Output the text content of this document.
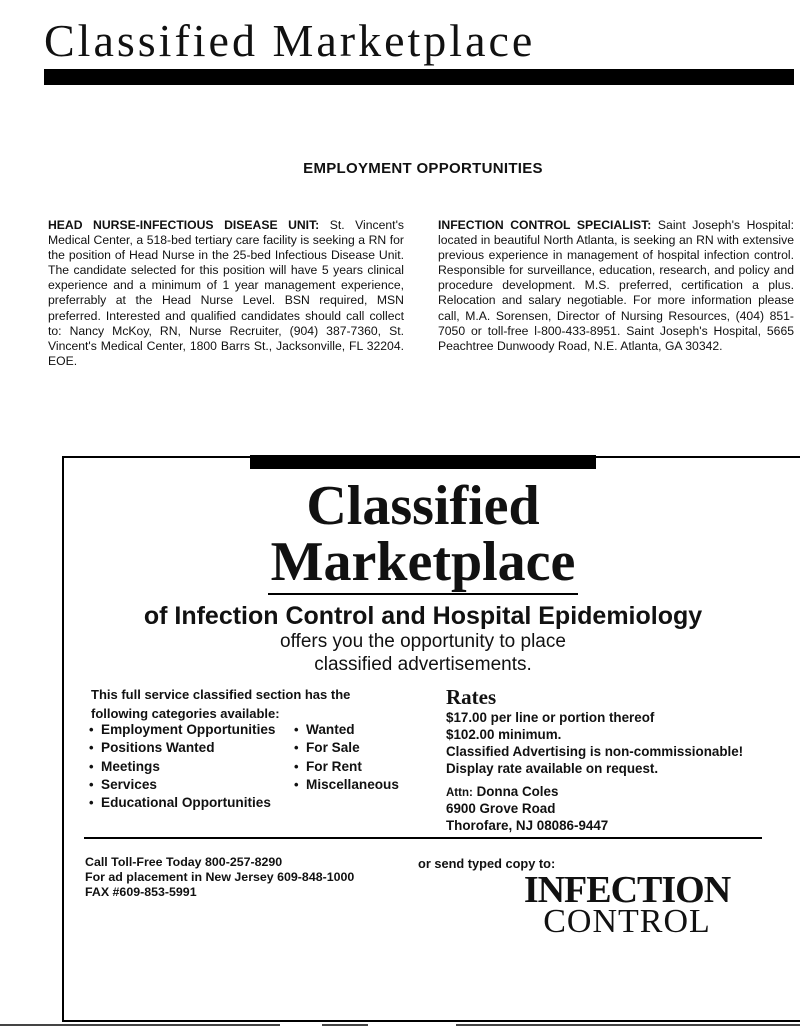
Classified Marketplace
EMPLOYMENT OPPORTUNITIES
HEAD NURSE-INFECTIOUS DISEASE UNIT: St. Vincent's Medical Center, a 518-bed tertiary care facility is seeking a RN for the position of Head Nurse in the 25-bed Infectious Disease Unit. The candidate selected for this position will have 5 years clinical experience and a minimum of 1 year management experience, preferrably at the Head Nurse Level. BSN required, MSN preferred. Interested and qualified candidates should call collect to: Nancy McKoy, RN, Nurse Recruiter, (904) 387-7360, St. Vincent's Medical Center, 1800 Barrs St., Jacksonville, FL 32204. EOE.
INFECTION CONTROL SPECIALIST: Saint Joseph's Hospital: located in beautiful North Atlanta, is seeking an RN with extensive previous experience in management of hospital infection control. Responsible for surveillance, education, research, and policy and procedure development. M.S. preferred, certification a plus. Relocation and salary negotiable. For more information please call, M.A. Sorensen, Director of Nursing Resources, (404) 851-7050 or toll-free l-800-433-8951. Saint Joseph's Hospital, 5665 Peachtree Dunwoody Road, N.E. Atlanta, GA 30342.
Classified
Marketplace
of Infection Control and Hospital Epidemiology
offers you the opportunity to place
classified advertisements.
This full service classified section has the following categories available:
• Employment Opportunities
• Positions Wanted
• Meetings
• Services
• Educational Opportunities
• Wanted
• For Sale
• For Rent
• Miscellaneous
Rates
$17.00 per line or portion thereof
$102.00 minimum.
Classified Advertising is non-commissionable!
Display rate available on request.
Attn: Donna Coles
6900 Grove Road
Thorofare, NJ 08086-9447
Call Toll-Free Today 800-257-8290
For ad placement in New Jersey 609-848-1000
FAX #609-853-5991
or send typed copy to:
INFECTION
CONTROL
